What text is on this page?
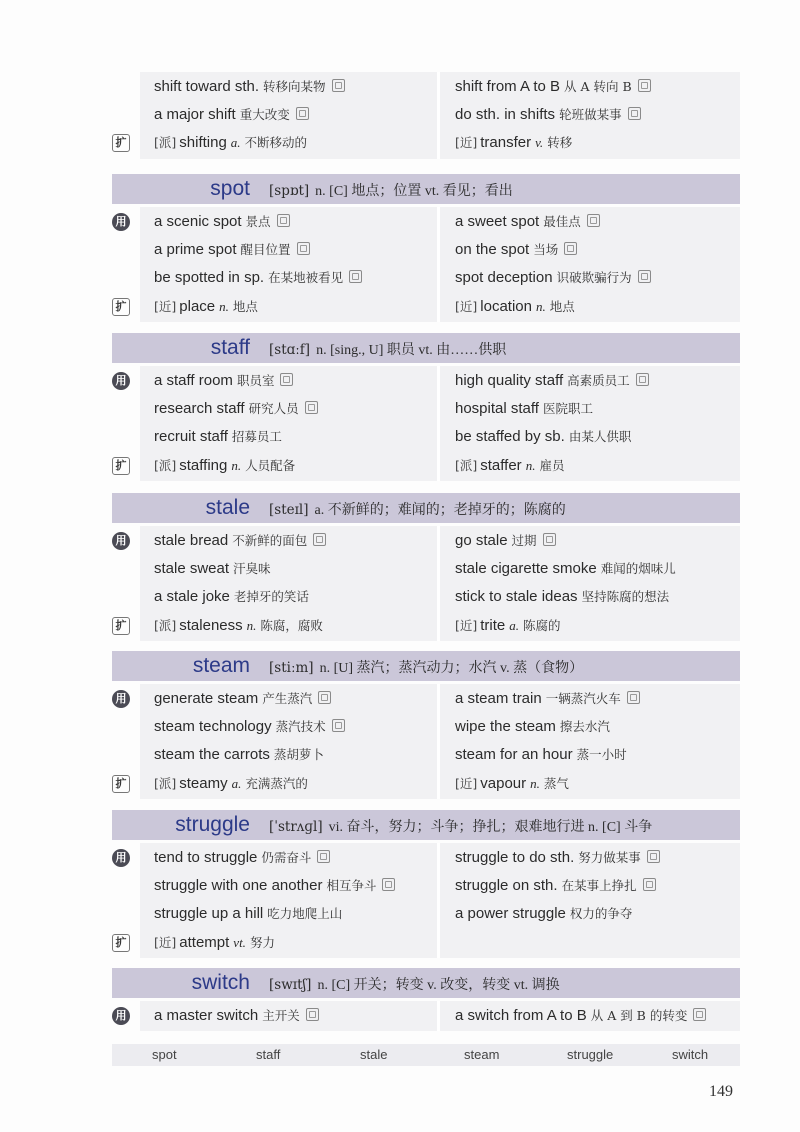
shift toward sth. 转移向某物	shift from A to B 从 A 转向 B
a major shift 重大改变	do sth. in shifts 轮班做某事
扩 [派] shifting a. 不断移动的	[近] transfer v. 转移
spot [spɒt] n. [C] 地点；位置 vt. 看见；看出
用 a scenic spot 景点	a sweet spot 最佳点
a prime spot 醒目位置	on the spot 当场
be spotted in sp. 在某地被看见	spot deception 识破欺骗行为
扩 [近] place n. 地点	[近] location n. 地点
staff [stɑːf] n. [sing., U] 职员 vt. 由……供职
用 a staff room 职员室	high quality staff 高素质员工
research staff 研究人员	hospital staff 医院职工
recruit staff 招募员工	be staffed by sb. 由某人供职
扩 [派] staffing n. 人员配备	[派] staffer n. 雇员
stale [steɪl] a. 不新鲜的；难闻的；老掉牙的；陈腐的
用 stale bread 不新鲜的面包	go stale 过期
stale sweat 汗臭味	stale cigarette smoke 难闻的烟味儿
a stale joke 老掉牙的笑话	stick to stale ideas 坚持陈腐的想法
扩 [派] staleness n. 陈腐，腐败	[近] trite a. 陈腐的
steam [stiːm] n. [U] 蒸汽；蒸汽动力；水汽 v. 蒸（食物）
用 generate steam 产生蒸汽	a steam train 一辆蒸汽火车
steam technology 蒸汽技术	wipe the steam 擦去水汽
steam the carrots 蒸胡萝卜	steam for an hour 蒸一小时
扩 [派] steamy a. 充满蒸汽的	[近] vapour n. 蒸气
struggle [ˈstrʌɡl] vi. 奋斗，努力；斗争；挣扎；艰难地行进 n. [C] 斗争
用 tend to struggle 仍需奋斗	struggle to do sth. 努力做某事
struggle with one another 相互争斗	struggle on sth. 在某事上挣扎
struggle up a hill 吃力地爬上山	a power struggle 权力的争夺
扩 [近] attempt vt. 努力
switch [swɪtʃ] n. [C] 开关；转变 v. 改变，转变 vt. 调换
用 a master switch 主开关	a switch from A to B 从 A 到 B 的转变
spot	staff	stale	steam	struggle	switch
149
